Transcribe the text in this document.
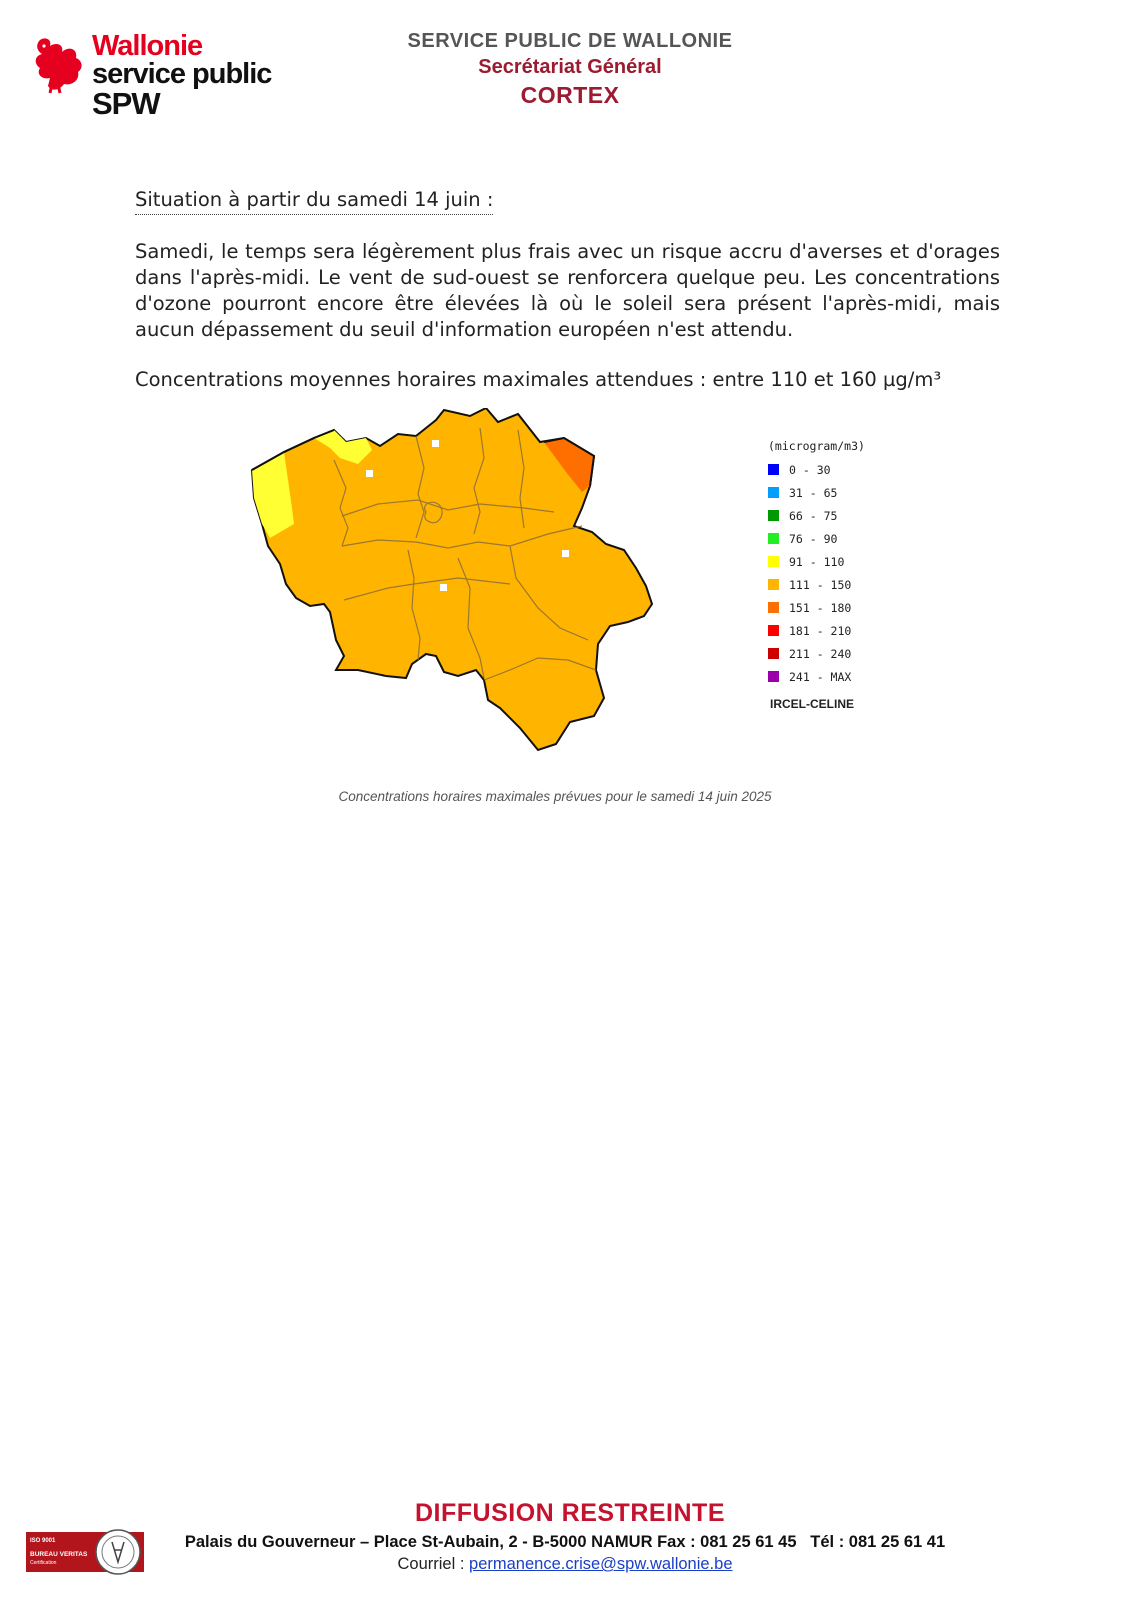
Wallonie
service public
SPW
SERVICE PUBLIC DE WALLONIE
Secrétariat Général
CORTEX
Situation à partir du samedi 14 juin :
Samedi, le temps sera légèrement plus frais avec un risque accru d'averses et d'orages dans l'après-midi. Le vent de sud-ouest se renforcera quelque peu. Les concentrations d'ozone pourront encore être élevées là où le soleil sera présent l'après-midi, mais aucun dépassement du seuil d'information européen n'est attendu.
Concentrations moyennes horaires maximales attendues : entre 110 et 160 µg/m³
(microgram/m3)
0 - 30
31 - 65
66 - 75
76 - 90
91 - 110
111 - 150
151 - 180
181 - 210
211 - 240
241 - MAX
IRCEL-CELINE
Concentrations horaires maximales prévues pour le samedi 14 juin 2025
ISO 9001
BUREAU VERITAS
Certification
DIFFUSION RESTREINTE
Palais du Gouverneur – Place St-Aubain, 2 - B-5000 NAMUR Fax : 081 25 61 45   Tél : 081 25 61 41
Courriel : permanence.crise@spw.wallonie.be
